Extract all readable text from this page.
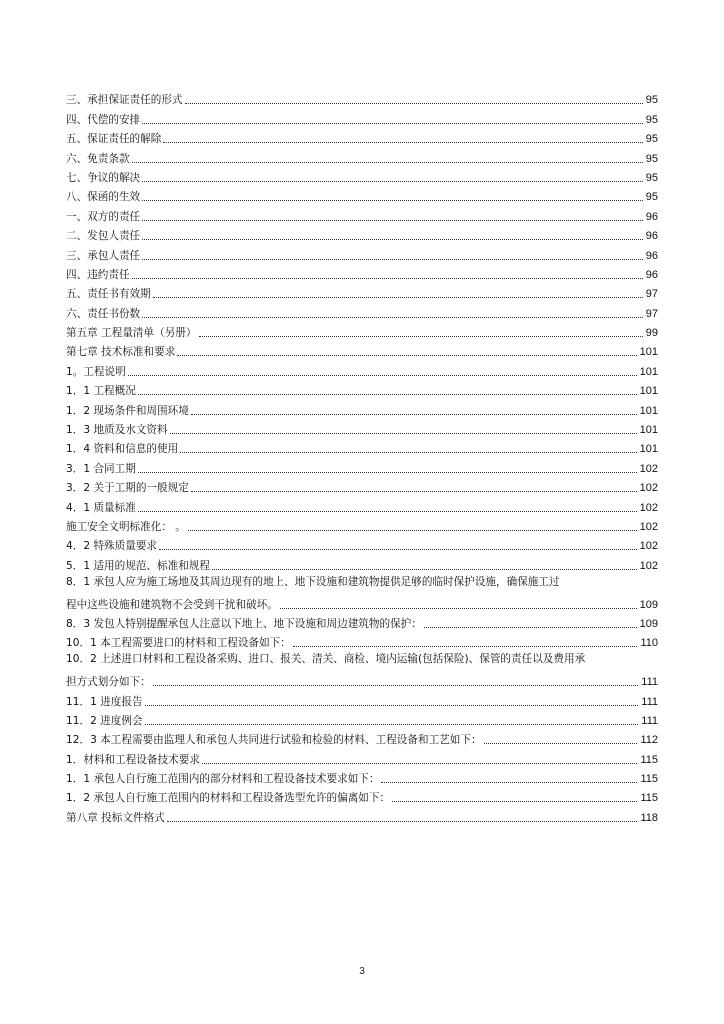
三、承担保证责任的形式	95
四、代偿的安排	95
五、保证责任的解除	95
六、免责条款	95
七、争议的解决	95
八、保函的生效	95
一、双方的责任	96
二、发包人责任	96
三、承包人责任	96
四、违约责任	96
五、责任书有效期	97
六、责任书份数	97
第五章 工程量清单（另册）	99
第七章 技术标准和要求	101
1。工程说明	101
1．1 工程概况	101
1．2 现场条件和周围环境	101
1．3 地质及水文资料	101
1．4 资料和信息的使用	101
3．1 合同工期	102
3．2 关于工期的一般规定	102
4．1 质量标准	102
施工安全文明标准化： 。	102
4．2 特殊质量要求	102
5．1 适用的规范、标准和规程	102
8．1 承包人应为施工场地及其周边现有的地上、地下设施和建筑物提供足够的临时保护设施，确保施工过
程中这些设施和建筑物不会受到干扰和破坏。	109
8．3 发包人特别提醒承包人注意以下地上、地下设施和周边建筑物的保护：	109
10．1 本工程需要进口的材料和工程设备如下：	110
10．2 上述进口材料和工程设备采购、进口、报关、清关、商检、境内运输(包括保险)、保管的责任以及费用承
担方式划分如下：	111
11．1 进度报告	111
11．2 进度例会	111
12．3 本工程需要由监理人和承包人共同进行试验和检验的材料、工程设备和工艺如下：	112
1．材料和工程设备技术要求	115
1．1 承包人自行施工范围内的部分材料和工程设备技术要求如下：	115
1．2 承包人自行施工范围内的材料和工程设备选型允许的偏离如下：	115
第八章 投标文件格式	118
3
